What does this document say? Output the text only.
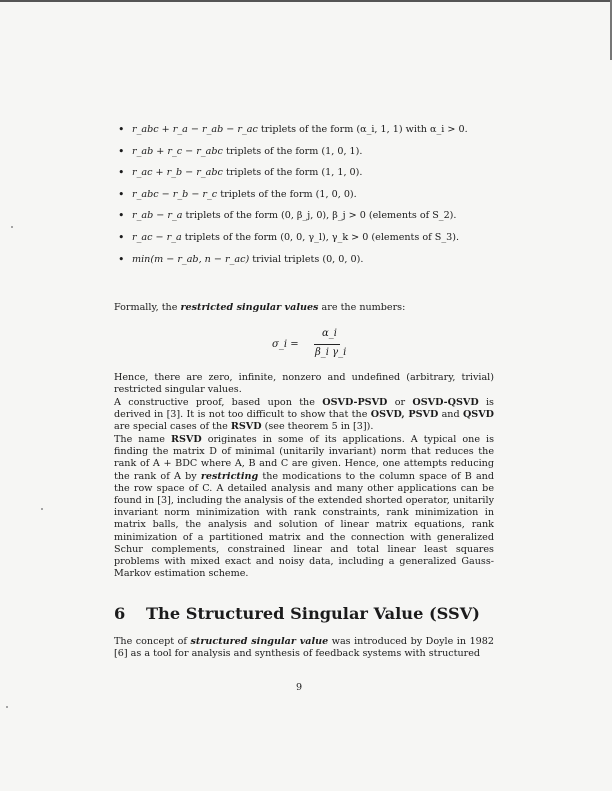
• r_abc + r_a − r_ab − r_ac triplets of the form (α_i, 1, 1) with α_i > 0.
• r_ab + r_c − r_abc triplets of the form (1, 0, 1).
• r_ac + r_b − r_abc triplets of the form (1, 1, 0).
• r_abc − r_b − r_c triplets of the form (1, 0, 0).
• r_ab − r_a triplets of the form (0, β_j, 0), β_j > 0 (elements of S_2).
• r_ac − r_a triplets of the form (0, 0, γ_l), γ_k > 0 (elements of S_3).
• min(m − r_ab, n − r_ac) trivial triplets (0, 0, 0).

Formally, the restricted singular values are the numbers:

σ_i =
α_i
β_i γ_i

Hence, there are zero, infinite, nonzero and undefined (arbitrary, trivial) restricted singular values.

A constructive proof, based upon the OSVD-PSVD or OSVD-QSVD is derived in [3]. It is not too difficult to show that the OSVD, PSVD and QSVD are special cases of the RSVD (see theorem 5 in [3]).

The name RSVD originates in some of its applications. A typical one is finding the matrix D of minimal (unitarily invariant) norm that reduces the rank of A + BDC where A, B and C are given. Hence, one attempts reducing the rank of A by restricting the modications to the column space of B and the row space of C. A detailed analysis and many other applications can be found in [3], including the analysis of the extended shorted operator, unitarily invariant norm minimization with rank constraints, rank minimization in matrix balls, the analysis and solution of linear matrix equations, rank minimization of a partitioned matrix and the connection with generalized Schur complements, constrained linear and total linear least squares problems with mixed exact and noisy data, including a generalized Gauss-Markov estimation scheme.

6 The Structured Singular Value (SSV)

The concept of structured singular value was introduced by Doyle in 1982 [6] as a tool for analysis and synthesis of feedback systems with structured

9
